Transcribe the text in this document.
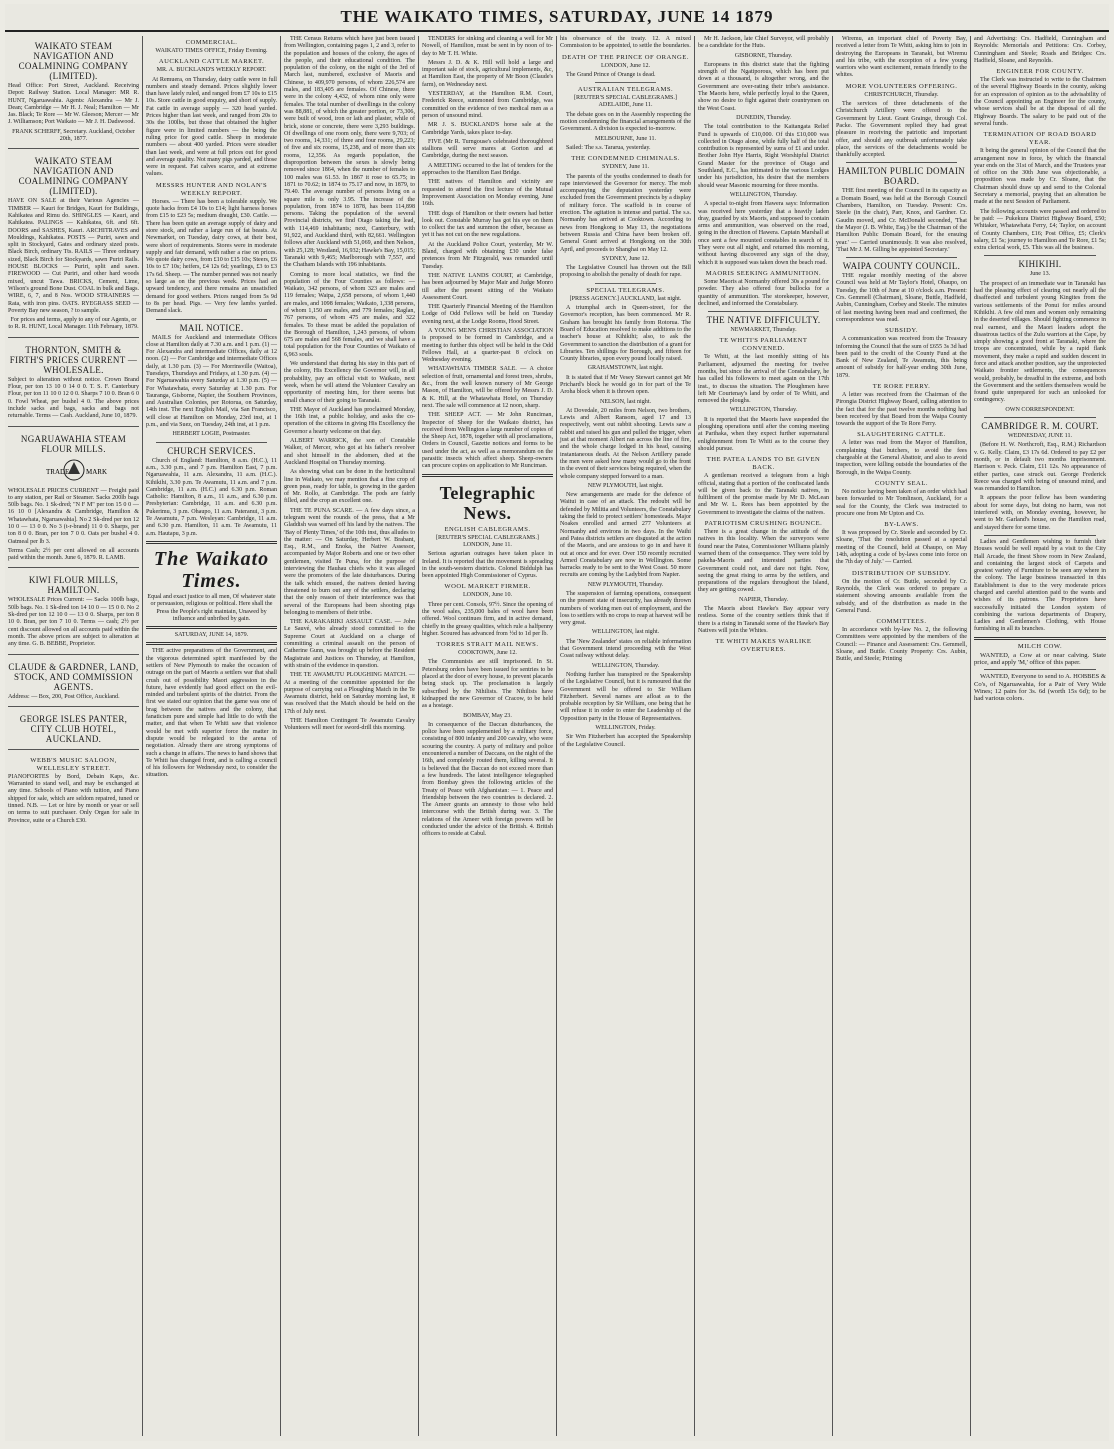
THE WAIKATO TIMES, SATURDAY, JUNE 14 1879
WAIKATO STEAM NAVIGATION AND COALMINING COMPANY (LIMITED).

Head Office: Port Street, Auckland. Receiving Depot: Railway Station. Local Manager: MR R. HUNT, Ngaruawahia. Agents: Alexandra — Mr J. Dean; Cambridge — Mr H. J. Neal; Hamilton — Mr Jas. Black; Te Rore — Mr W. Gleeson; Mercer — Mr J. Williamson; Port Waikato — Mr J. H. Dadswood.

FRANK SCHERFF, Secretary. Auckland, October 20th, 1877.

WAIKATO STEAM NAVIGATION AND COALMINING COMPANY (LIMITED).

HAVE ON SALE at their Various Agencies — TIMBER — Kauri for Bridges, Kauri for Buildings, Kahikatea and Rimu do. SHINGLES — Kauri, and Kahikatea. PALINGS — Kahikatea, 6ft. and 6ft. DOORS and SASHES, Kauri. ARCHITRAVES and Mouldings, Kahikatea. POSTS — Puriri, sawn and split in Stockyard, Gates and ordinary sized posts. Black Birch, ordinary Tts. RAILS — Three ordinary sized, Black Birch for Stockyards, sawn Puriri Rails. HOUSE BLOCKS — Puriri, split and sawn. FIREWOOD — Cut Puriri, and other hard woods mixed, uncut Tawa. BRICKS, Cement, Lime, Wilson's ground Bone Dust. COAL in bulk and Bags. WIRE, 6, 7, and 8 Nos. WOOD STRAINERS — Rata, with iron pins. OATS. RYEGRASS SEED — Poverty Bay new season, ? to sample.

For prices and terms, apply to any of our Agents, or to R. R. HUNT, Local Manager. 11th February, 1879.

THORNTON, SMITH & FIRTH'S PRICES CURRENT — WHOLESALE.

Subject to alteration without notice. Crown Brand Flour, per ton 13 10 0 14 0 0. T. S. F. Canterbury Flour, per ton 11 10 0 12 0 0. Sharps 7 10 0. Bran 6 0 0. Fowl Wheat, per bushel 4 0. The above prices include sacks and bags, sacks and bags not returnable. Terms — Cash. Auckland, June 10, 1879.

NGARUAWAHIA STEAM FLOUR MILLS.
TRADE MARK

WHOLESALE PRICES CURRENT — Freight paid to any station, per Rail or Steamer. Sacks 200lb bags 50lb bags. No. 1 Sk-dred; "N F M" per ton 15 0 0 — 16 10 0 [Alexandra & Cambridge, Hamilton & Whatawhata, Ngaruawahia]. No 2 Sk-dred per ton 12 10 0 — 13 0 0. No 3 (t-r-brand) 11 0 0. Sharps, per ton 8 0 0. Bran, per ton 7 0 0. Oats per bushel 4 0. Oatmeal per lb 3.

Terms Cash; 2½ per cent allowed on all accounts paid within the month. June 6, 1879. R. LAMB.

KIWI FLOUR MILLS, HAMILTON.

WHOLESALE Prices Current: — Sacks 100lb bags, 50lb bags. No. 1 Sk-dred ton 14 10 0 — 15 0 0. No 2 Sk-dred per ton 12 10 0 — 13 0 0. Sharps, per ton 8 10 0. Bran, per ton 7 10 0. Terms — cash; 2½ per cent discount allowed on all accounts paid within the month. The above prices are subject to alteration at any time. G. B. BEBBE, Proprietor.

CLAUDE & GARDNER, LAND, STOCK, AND COMMISSION AGENTS.

Address: — Box, 200, Post Office, Auckland.

GEORGE ISLES PANTER, CITY CLUB HOTEL, AUCKLAND.
WEBB'S MUSIC SALOON, WELLESLEY STREET.

PIANOFORTES by Bord, Debain Kaps, &c. Warranted to stand well, and may be exchanged at any time. Schools of Piano with tuition, and Piano shipped for sale, which are seldom repaired, tuned or tinned. N.B. — Let or hire by month or year or sell on terms to suit purchaser. Only Organ for sale in Province, suite or a Church £30.

COMMERCIAL.

WAIKATO TIMES OFFICE, Friday Evening.

AUCKLAND CATTLE MARKET.

MR. A. BUCKLAND'S WEEKLY REPORT.

At Remuera, on Thursday, dairy cattle were in full numbers and steady demand. Prices slightly lower than have lately ruled, and ranged from £7 10s to £15 10s. Store cattle in good enquiry, and short of supply. Fat cattle in average supply — 320 head yarded. Prices higher than last week, and ranged from 20s to 30s the 100lbs, but those that obtained the higher figure were in limited numbers — the being the ruling price for good cattle. Sheep in moderate numbers — about 400 yarded. Prices were steadier than last week, and were at full prices out for good and average quality. Not many pigs yarded, and those were in request. Fat calves scarce, and at extreme values.

MESSRS HUNTER AND NOLAN'S WEEKLY REPORT.

Horses. — There has been a tolerable supply. We quote hacks from £4 10s to £14; light harness horses from £15 to £23 5s; medium draught, £30. Cattle. — There has been quite an average supply of dairy and store stock, and rather a large run of fat beasts. At Newmarket, on Tuesday, dairy cows, at their best, were short of requirements. Stores were in moderate supply and fair demand, with rather a rise on prices. We quote dairy cows, from £10 to £15 10s; Steers, £6 10s to £7 10s; heifers, £4 12s 6d; yearlings, £3 to £3 17s 6d. Sheep. — The number penned was not nearly so large as on the previous week. Prices had an upward tendency, and there remains an unsatisfied demand for good wethers. Prices ranged from 5s 9d to 8s per head. Pigs. — Very few lambs yarded. Demand slack.

MAIL NOTICE.

MAILS for Auckland and intermediate Offices close at Hamilton daily at 7.30 a.m. and 1 p.m. (1) — For Alexandra and intermediate Offices, daily at 12 noon. (2) — For Cambridge and intermediate Offices daily, at 1.30 p.m. (3) — For Morrinsville (Waitoa), Tuesdays, Thursdays and Fridays, at 1.30 p.m. (4) — For Ngaruawahia every Saturday at 1.30 p.m. (5) — For Whatawhata, every Saturday at 1.30 p.m. For Tauranga, Gisborne, Napier, the Southern Provinces, and Australian Colonies, per Rotorua, on Saturday, 14th inst. The next English Mail, via San Francisco, will close at Hamilton on Monday, 23rd inst, at 1 p.m., and via Suez, on Tuesday, 24th inst, at 1 p.m.

HERBERT LOGIE, Postmaster.

CHURCH SERVICES.

Church of England: Hamilton, 8 a.m. (H.C.), 11 a.m., 3.30 p.m., and 7 p.m. Hamilton East, 7 p.m. Ngaruawahia, 11 a.m. Alexandra, 11 a.m. (H.C.). Kihikihi, 3.30 p.m. Te Awamutu, 11 a.m. and 7 p.m. Cambridge, 11 a.m. (H.C.) and 6.30 p.m. Roman Catholic: Hamilton, 8 a.m., 11 a.m., and 6.30 p.m. Presbyterian: Cambridge, 11 a.m. and 6.30 p.m. Pukerimu, 3 p.m. Ohaupo, 11 a.m. Pateranui, 3 p.m. Te Awamutu, 7 p.m. Wesleyan: Cambridge, 11 a.m. and 6.30 p.m. Hamilton, 11 a.m. Te Awamutu, 11 a.m. Hautapu, 3 p.m.

The Waikato Times.

Equal and exact justice to all men, Of whatever state or persuasion, religious or political. Here shall the Press the People's right maintain, Unawed by influence and unbribed by gain.

SATURDAY, JUNE 14, 1879.

THE active preparations of the Government, and the vigorous determined spirit manifested by the settlers of New Plymouth to make the occasion of outrage on the part of Maoris a settlers war that shall crush out of possibility Maori aggression in the future, have evidently had good effect on the evil-minded and turbulent spirits of the district. From the first we stated our opinion that the game was one of brag between the natives and the colony, that fanaticism pure and simple had little to do with the matter, and that when Te Whiti saw that violence would be met with superior force the matter in dispute would be relegated to the arena of negotiation. Already there are strong symptoms of such a change in affairs. The news to hand shows that Te Whiti has changed front, and is calling a council of his followers for Wednesday next, to consider the situation.

THE Census Returns which have just been issued from Wellington, containing pages 1, 2 and 3, refer to the population and houses of the colony, the ages of the people, and their educational condition. The population of the colony, on the night of the 3rd of March last, numbered, exclusive of Maoris and Chinese, to 409,970 persons, of whom 226,574 are males, and 183,405 are females. Of Chinese, there were in the colony 4,432, of whom nine only were females. The total number of dwellings in the colony was 88,881, of which the greater portion, or 73,306, were built of wood, iron or lath and plaster, while of brick, stone or concrete, there were 3,293 buildings. Of dwellings of one room only, there were 9,703; of two rooms, 14,331; of three and four rooms, 29,223; of five and six rooms, 15,238, and of more than six rooms, 12,356. As regards population, the disproportion between the sexes is slowly being removed since 1864, when the number of females to 100 males was 61.53. In 1867 it rose to 65.75; in 1871 to 70.62; in 1874 to 75.17 and now, in 1879, to 79.40. The average number of persons living on a square mile is only 3.95. The increase of the population, from 1874 to 1878, has been 114,898 persons. Taking the population of the several Provincial districts, we find Otago taking the lead, with 114,469 inhabitants; next, Canterbury, with 91,922, and Auckland third, with 82,661. Wellington follows after Auckland with 51,069, and then Nelson, with 25,128; Westland, 16,932; Hawke's Bay, 15,015; Taranaki with 9,465; Marlborough with 7,557, and the Chatham Islands with 196 inhabitants.

Coming to more local statistics, we find the population of the Four Counties as follows: — Waikato, 342 persons, of whom 323 are males and 119 females; Waipa, 2,658 persons, of whom 1,440 are males, and 1098 females; Waikato, 1,338 persons, of whom 1,150 are males, and 779 females; Raglan, 767 persons, of whom 475 are males, and 322 females. To these must be added the population of the Borough of Hamilton, 1,243 persons, of whom 675 are males and 568 females, and we shall have a total population for the Four Counties of Waikato of 6,963 souls.

We understand that during his stay in this part of the colony, His Excellency the Governor will, in all probability, pay an official visit to Waikato, next week, when he will attend the Volunteer Cavalry an opportunity of meeting him, for there seems but small chance of their going to Taranaki.

THE Mayor of Auckland has proclaimed Monday, the 16th inst, a public holiday, and asks the co-operation of the citizens in giving His Excellency the Governor a hearty welcome on that day.

ALBERT WARRICK, the son of Constable Walker, of Mercer, who got at his father's revolver and shot himself in the abdomen, died at the Auckland Hospital on Thursday morning.

As showing what can be done in the horticultural line in Waikato, we may mention that a fine crop of green peas, ready for table, is growing in the garden of Mr. Rollo, at Cambridge. The pods are fairly filled, and the crop an excellent one.

THE TE PUNA SCARE. — A few days since, a telegram went the rounds of the press, that a Mr Gladdish was warned off his land by the natives. The 'Bay of Plenty Times,' of the 10th inst, thus alludes to the matter: — On Saturday, Herbert W. Brabant, Esq., R.M., and Enoka, the Native Assessor, accompanied by Major Roberts and one or two other gentlemen, visited Te Puna, for the purpose of interviewing the Hauhau chiefs who it was alleged were the promoters of the late disturbances. During the talk which ensued, the natives denied having threatened to burn out any of the settlers, declaring that the only reason of their interference was that several of the Europeans had been shooting pigs belonging to members of their tribe.

THE KARAKARIKI ASSAULT CASE. — John Le Sauvé, who already stood committed to the Supreme Court at Auckland on a charge of committing a criminal assault on the person of Catherine Gunn, was brought up before the Resident Magistrate and Justices on Thursday, at Hamilton, with strain of the evidence in question.

THE TE AWAMUTU PLOUGHING MATCH. — At a meeting of the committee appointed for the purpose of carrying out a Ploughing Match in the Te Awamutu district, held on Saturday morning last, it was resolved that the Match should be held on the 17th of July next.

THE Hamilton Contingent Te Awamutu Cavalry Volunteers will meet for sword-drill this morning.

TENDERS for sinking and cleaning a well for Mr Nowell, of Hamilton, must be sent in by noon of to-day to Mr T. H. White.

Messrs J. D. & K. Hill will hold a large and important sale of stock, agricultural implements, &c, at Hamilton East, the property of Mr Boon (Claude's farm), on Wednesday next.

YESTERDAY, at the Hamilton R.M. Court, Frederick Reece, summoned from Cambridge, was committed on the evidence of two medical men as a person of unsound mind.

MR J. S. BUCKLAND'S horse sale at the Cambridge Yards, takes place to-day.

FIVE (Mr R. Turngouse's celebrated thoroughbred stallions will serve mares at Gorton and at Cambridge, during the next season.

A MEETING occurred to the list of tenders for the approaches to the Hamilton East Bridge.

THE natives of Hamilton and vicinity are requested to attend the first lecture of the Mutual Improvement Association on Monday evening, June 16th.

THE dogs of Hamilton or their owners had better look out. Constable Murray has got his eye on them to collect the tax and summon the other, because as yet it has not cut on the new regulations.

At the Auckland Police Court, yesterday, Mr W. Bland, charged with obtaining £30 under false pretences from Mr Fitzgerald, was remanded until Tuesday.

THE NATIVE LANDS COURT, at Cambridge, has been adjourned by Major Mair and Judge Monro till after the present sitting of the Waikato Assessment Court.

THE Quarterly Financial Meeting of the Hamilton Lodge of Odd Fellows will be held on Tuesday evening next, at the Lodge Rooms, Hood Street.

A YOUNG MEN'S CHRISTIAN ASSOCIATION is proposed to be formed in Cambridge, and a meeting to further this object will be held in the Odd Fellows Hall, at a quarter-past 8 o'clock on Wednesday evening.

WHATAWHATA TIMBER SALE. — A choice selection of fruit, ornamental and forest trees, shrubs, &c., from the well known nursery of Mr George Mason, of Hamilton, will be offered by Messrs J. D. & K. Hill, at the Whatawhata Hotel, on Thursday next. The sale will commence at 12 noon, sharp.

THE SHEEP ACT. — Mr John Runciman, Inspector of Sheep for the Waikato district, has received from Wellington a large number of copies of the Sheep Act, 1878, together with all proclamations, Orders in Council, Gazette notices and forms to be used under the act, as well as a memorandum on the parasitic insects which affect sheep. Sheep-owners can procure copies on application to Mr Runciman.

Telegraphic News.
ENGLISH CABLEGRAMS.

[REUTER'S SPECIAL CABLEGRAMS.] LONDON, June 11.

Serious agrarian outrages have taken place in Ireland. It is reported that the movement is spreading in the south-western districts. Colonel Biddulph has been appointed High Commissioner of Cyprus.

WOOL MARKET FIRMER.

LONDON, June 10.

Three per cent. Consols, 97½. Since the opening of the wool sales, 235,000 bales of wool have been offered. Wool continues firm, and in active demand, chiefly in the greasy qualities, which rule a halfpenny higher. Scoured has advanced from ½d to 1d per lb.

TORRES STRAIT MAIL NEWS.

COOKTOWN, June 12.

The Communists are still imprisoned. In St. Petersburg orders have been issued for sentries to be placed at the door of every house, to prevent placards being stuck up. The proclamation is largely subscribed by the Nihilists. The Nihilists have kidnapped the new Governor of Cracow, to be held as a hostage.

BOMBAY, May 23.

In consequence of the Daccan disturbances, the police have been supplemented by a military force, consisting of 800 infantry and 200 cavalry, who were scouring the country. A party of military and police encountered a number of Daccans, on the night of the 16th, and completely routed them, killing several. It is believed that the Daccan do not exceed more than a few hundreds. The latest intelligence telegraphed from Bombay gives the following articles of the Treaty of Peace with Afghanistan: — 1. Peace and friendship between the two countries is declared. 2. The Ameer grants an amnesty to those who held intercourse with the British during war. 3. The relations of the Ameer with foreign powers will be conducted under the advice of the British. 4. British officers to reside at Cabul.

his observance of the treaty. 12. A mixed Commission to be appointed, to settle the boundaries.

DEATH OF THE PRINCE OF ORANGE.

LONDON, June 12.

The Grand Prince of Orange is dead.

AUSTRALIAN TELEGRAMS.

[REUTER'S SPECIAL CABLEGRAMS.] ADELAIDE, June 11.

The debate goes on in the Assembly respecting the motion condemning the financial arrangements of the Government. A division is expected to-morrow.

MELBOURNE, June 11.

Sailed: The s.s. Tararua, yesterday.

THE CONDEMNED CHIMINALS.

SYDNEY, June 11.

The parents of the youths condemned to death for rape interviewed the Governor for mercy. The mob accompanying the deputation yesterday were excluded from the Government precincts by a display of military force. The scaffold is in course of erection. The agitation is intense and partial. The s.s. Normanby has arrived at Cooktown. According to news from Hongkong to May 13, the negotiations between Russia and China have been broken off. General Grant arrived at Hongkong on the 30th April, and proceeds to Shanghai on May 12.

SYDNEY, June 12.

The Legislative Council has thrown out the Bill proposing to abolish the penalty of death for rape.

SPECIAL TELEGRAMS.

[PRESS AGENCY.] AUCKLAND, last night.

A triumphal arch in Queen-street, for the Governor's reception, has been commenced. Mr R. Graham has brought his family from Rotorua. The Board of Education resolved to make additions to the teacher's house at Kihikihi; also, to ask the Government to sanction the distribution of a grant for Libraries. Ten shillings for Borough, and fifteen for County libraries, upon every pound locally raised.

GRAHAMSTOWN, last night.

It is stated that if Mr Vesey Stewart cannot get Mr Prichard's block he would go in for part of the Te Aroha block when it is thrown open.

NELSON, last night.

At Dovedale, 20 miles from Nelson, two brothers, Lewis and Albert Ransom, aged 17 and 13 respectively, went out rabbit shooting. Lewis saw a rabbit and raised his gun and pulled the trigger, when just at that moment Albert ran across the line of fire, and the whole charge lodged in his head, causing instantaneous death. At the Nelson Artillery parade the men were asked how many would go to the front in the event of their services being required, when the whole company stepped forward to a man.

NEW PLYMOUTH, last night.

New arrangements are made for the defence of Waitui in case of an attack. The redoubt will be defended by Militia and Volunteers, the Constabulary taking the field to protect settlers' homesteads. Major Noakes enrolled and armed 277 Volunteers at Normanby and environs in two days. In the Waihi and Patea districts settlers are disgusted at the action of the Maoris, and are anxious to go in and have it out at once and for ever. Over 150 recently recruited Armed Constabulary are now in Wellington. Some barracks ready to be sent to the West Coast. 50 more recruits are coming by the Ladybird from Napier.

NEW PLYMOUTH, Thursday.

The suspension of farming operations, consequent on the present state of insecurity, has already thrown numbers of working men out of employment, and the loss to settlers with no crops to reap at harvest will be very great.

WELLINGTON, last night.

The 'New Zealander' states on reliable information that Government intend proceeding with the West Coast railway without delay.

WELLINGTON, Thursday.

Nothing further has transpired re the Speakership of the Legislative Council, but it is rumoured that the Government will be offered to Sir William Fitzherbert. Several names are afloat as to the probable reception by Sir William, one being that he will refuse it in order to enter the Leadership of the Opposition party in the House of Representatives.

WELLINGTON, Friday.

Sir Wm Fitzherbert has accepted the Speakership of the Legislative Council.

Mr H. Jackson, late Chief Surveyor, will probably be a candidate for the Huts.

GISBORNE, Thursday.

Europeans in this district state that the fighting strength of the Ngatiporous, which has been put down at a thousand, is altogether wrong, and the Government are over-rating their tribe's assistance. The Maoris here, while perfectly loyal to the Queen, show no desire to fight against their countrymen on the West Coast.

DUNEDIN, Thursday.

The total contribution to the Kaitangata Relief Fund is upwards of £10,000. Of this £10,000 was collected in Otago alone, while fully half of the total contribution is represented by sums of £1 and under. Brother John Hye Harris, Right Worshipful District Grand Master for the province of Otago and Southland, E.C., has intimated to the various Lodges under his jurisdiction, his desire that the members should wear Masonic mourning for three months.

WELLINGTON, Thursday.

A special to-night from Hawera says: Information was received here yesterday that a heavily laden dray, guarded by six Maoris, and supposed to contain arms and ammunition, was observed on the road, going in the direction of Hawera. Captain Marshall at once sent a few mounted constables in search of it. They were out all night, and returned this morning, without having discovered any sign of the dray, which it is supposed was taken down the beach road.

MAORIS SEEKING AMMUNITION.

Some Maoris at Normanby offered 30s a pound for powder. They also offered four bullocks for a quantity of ammunition. The storekeeper, however, declined, and informed the Constabulary.

THE NATIVE DIFFICULTY.

NEWMARKET, Thursday.

TE WHITI'S PARLIAMENT CONVENED.

Te Whiti, at the last monthly sitting of his Parliament, adjourned the meeting for twelve months, but since the arrival of the Constabulary, he has called his followers to meet again on the 17th inst., to discuss the situation. The Ploughmen have left Mr Courtenay's land by order of Te Whiti, and removed the ploughs.

WELLINGTON, Thursday.

It is reported that the Maoris have suspended the ploughing operations until after the coming meeting at Parihaka, when they expect further supernatural enlightenment from Te Whiti as to the course they should pursue.

THE PATEA LANDS TO BE GIVEN BACK.

A gentleman received a telegram from a high official, stating that a portion of the confiscated lands will be given back to the Taranaki natives, in fulfilment of the promise made by Mr D. McLean and Mr W. L. Rees has been appointed by the Government to investigate the claims of the natives.

PATRIOTISM CRUSHING BOUNCE.

There is a great change in the attitude of the natives in this locality. When the surveyors were found near the Patea, Commissioner Williams plainly warned them of the consequence. They were told by pakeha-Maoris and interested parties that Government could not, and dare not fight. Now, seeing the great rising to arms by the settlers, and preparations of the regulars throughout the Island, they are getting cowed.

NAPIER, Thursday.

The Maoris about Hawke's Bay appear very restless. Some of the country settlers think that if there is a rising in Taranaki some of the Hawke's Bay Natives will join the Whites.

TE WHITI MAKES WARLIKE OVERTURES.

Wiremu, an important chief of Poverty Bay, received a letter from Te Whiti, asking him to join in destroying the Europeans in Taranaki, but Wiremu and his tribe, with the exception of a few young warriors who want excitement, remain friendly to the whites.

MORE VOLUNTEERS OFFERING.

CHRISTCHURCH, Thursday.

The services of three detachments of the Christchurch Artillery were offered to the Government by Lieut. Grant Grainge, through Col. Packe. The Government replied they had great pleasure in receiving the patriotic and important offer, and should any outbreak unfortunately take place, the services of the detachments would be thankfully accepted.

HAMILTON PUBLIC DOMAIN BOARD.

THE first meeting of the Council in its capacity as a Domain Board, was held at the Borough Council Chambers, Hamilton, on Tuesday. Present: Crs. Steele (in the chair), Parr, Knox, and Gardner. Cr. Gaudin moved, and Cr. McDonald seconded, 'That the Mayor (J. B. White, Esq.) be the Chairman of the Hamilton Public Domain Board, for the ensuing year.' — Carried unanimously. It was also resolved, 'That Mr J. M. Gilling be appointed Secretary.'

WAIPA COUNTY COUNCIL.

THE regular monthly meeting of the above Council was held at Mr Taylor's Hotel, Ohaupo, on Tuesday, the 10th of June at 10 o'clock a.m. Present: Crs. Gemmell (Chairman), Sloane, Buttle, Hadfield, Aubin, Cunningham, Corbey and Steele. The minutes of last meeting having been read and confirmed, the correspondence was read.

SUBSIDY.

A communication was received from the Treasury informing the Council that the sum of £655 3s 3d had been paid to the credit of the County Fund at the Bank of New Zealand, Te Awamutu, this being amount of subsidy for half-year ending 30th June, 1879.

TE RORE FERRY.

A letter was received from the Chairman of the Pirongia District Highway Board, calling attention to the fact that for the past twelve months nothing had been received by that Board from the Waipa County towards the support of the Te Rore Ferry.

SLAUGHTERING CATTLE.

A letter was read from the Mayor of Hamilton, complaining that butchers, to avoid the fees chargeable at the General Abattoir, and also to avoid inspection, were killing outside the boundaries of the Borough, in the Waipa County.

COUNTY SEAL.

No notice having been taken of an order which had been forwarded to Mr Tomlinson, Auckland, for a seal for the County, the Clerk was instructed to procure one from Mr Upton and Co.

BY-LAWS.

It was proposed by Cr. Steele and seconded by Cr. Sloane, 'That the resolution passed at a special meeting of the Council, held at Ohaupo, on May 14th, adopting a code of by-laws come into force on the 7th day of July.' — Carried.

DISTRIBUTION OF SUBSIDY.

On the motion of Cr. Buttle, seconded by Cr. Reynolds, the Clerk was ordered to prepare a statement showing amounts available from the subsidy, and of the distribution as made in the General Fund.

COMMITTEES.

In accordance with by-law No. 2, the following Committees were appointed by the members of the Council: — Finance and Assessment: Crs. Gemmell, Sloane, and Buttle. County Property: Crs. Aubin, Buttle, and Steele; Printing

and Advertising: Crs. Hadfield, Cunningham and Reynolds: Memorials and Petitions: Crs. Corbey, Cunningham and Steele; Roads and Bridges: Crs. Hadfield, Sloane, and Reynolds.

ENGINEER FOR COUNTY.

The Clerk was instructed to write to the Chairmen of the several Highway Boards in the county, asking for an expression of opinion as to the advisability of the Council appointing an Engineer for the county, whose services shall be at the disposal of all the Highway Boards. The salary to be paid out of the several funds.

TERMINATION OF ROAD BOARD YEAR.

It being the general opinion of the Council that the arrangement now in force, by which the financial year ends on the 31st of March, and the Trustees year of office on the 30th June was objectionable, a proposition was made by Cr. Sloane, that the Chairman should draw up and send to the Colonial Secretary a memorial, praying that an alteration be made at the next Session of Parliament.

The following accounts were passed and ordered to be paid: — Pukekura District Highway Board, £50; Whitaker, Whatawhata Ferry, £4; Taylor, on account of County Chambers, £16; Post Office, £5; Clerk's salary, £1 5s; journey to Hamilton and Te Rore, £1 5s; extra clerical work, £5. This was all the business.

KIHIKIHI.

June 13.

The prospect of an immediate war in Taranaki has had the pleasing effect of clearing out nearly all the disaffected and turbulent young Kingites from the various settlements of the Ponui for miles around Kihikihi. A few old men and women only remaining in the deserted villages. Should fighting commence in real earnest, and the Maori leaders adopt the disastrous tactics of the Zulu warriors at the Cape, by simply showing a good front at Taranaki, where the troops are concentrated, while by a rapid flank movement, they make a rapid and sudden descent in force and attack another position, say the unprotected Waikato frontier settlements, the consequences would, probably, be dreadful in the extreme, and both the Government and the settlers themselves would be found quite unprepared for such an unlooked for contingency.

OWN CORRESPONDENT.

CAMBRIDGE R. M. COURT.

WEDNESDAY, JUNE 11.

(Before H. W. Northcroft, Esq., R.M.) Richardson v. G. Kelly. Claim, £3 17s 6d. Ordered to pay £2 per month, or in default two months imprisonment. Harrison v. Peck. Claim, £11 12s. No appearance of either parties, case struck out. George Frederick Reece was charged with being of unsound mind, and was remanded to Hamilton.

It appears the poor fellow has been wandering about for some days, but doing no harm, was not interfered with, on Monday evening, however, he went to Mr. Garland's house, on the Hamilton road, and stayed there for some time.

Ladies and Gentlemen wishing to furnish their Houses would be well repaid by a visit to the City Hall Arcade, the finest Show room in New Zealand, and containing the largest stock of Carpets and greatest variety of Furniture to be seen any where in the colony. The large business transacted in this Establishment is due to the very moderate prices charged and careful attention paid to the wants and wishes of its patrons. The Proprietors have successfully initiated the London system of combining the various departments of Drapery, Ladies and Gentlemen's Clothing, with House furnishing in all its branches.

MILCH COW.

WANTED, a Cow at or near calving. State price, and apply 'M,' office of this paper.

WANTED, Everyone to send to A. HOBBES & Co's, of Ngaruawahia, for a Pair of Very Wide Wines; 12 pairs for 3s. 6d (worth 15s 6d); to be had various colors.
